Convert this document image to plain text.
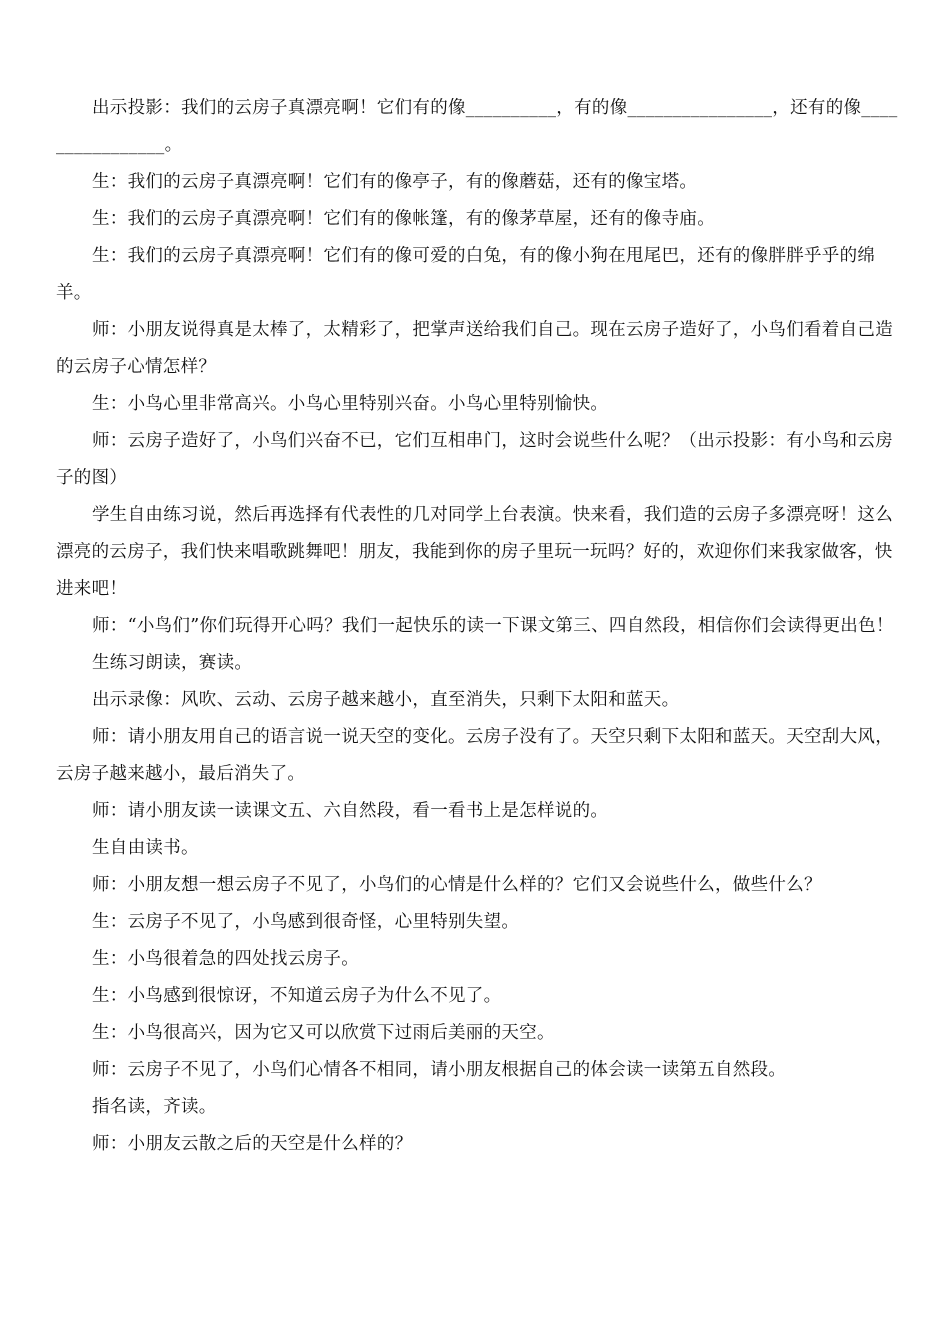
出示投影：我们的云房子真漂亮啊！它们有的像__________，有的像________________，还有的像________________。

生：我们的云房子真漂亮啊！它们有的像亭子，有的像蘑菇，还有的像宝塔。

生：我们的云房子真漂亮啊！它们有的像帐篷，有的像茅草屋，还有的像寺庙。

生：我们的云房子真漂亮啊！它们有的像可爱的白兔，有的像小狗在甩尾巴，还有的像胖胖乎乎的绵羊。

师：小朋友说得真是太棒了，太精彩了，把掌声送给我们自己。现在云房子造好了，小鸟们看着自己造的云房子心情怎样？

生：小鸟心里非常高兴。小鸟心里特别兴奋。小鸟心里特别愉快。

师：云房子造好了，小鸟们兴奋不已，它们互相串门，这时会说些什么呢？（出示投影：有小鸟和云房子的图）

学生自由练习说，然后再选择有代表性的几对同学上台表演。快来看，我们造的云房子多漂亮呀！这么漂亮的云房子，我们快来唱歌跳舞吧！朋友，我能到你的房子里玩一玩吗？好的，欢迎你们来我家做客，快进来吧！

师：“小鸟们”你们玩得开心吗？我们一起快乐的读一下课文第三、四自然段，相信你们会读得更出色！

生练习朗读，赛读。

出示录像：风吹、云动、云房子越来越小，直至消失，只剩下太阳和蓝天。

师：请小朋友用自己的语言说一说天空的变化。云房子没有了。天空只剩下太阳和蓝天。天空刮大风，云房子越来越小，最后消失了。

师：请小朋友读一读课文五、六自然段，看一看书上是怎样说的。

生自由读书。

师：小朋友想一想云房子不见了，小鸟们的心情是什么样的？它们又会说些什么，做些什么？

生：云房子不见了，小鸟感到很奇怪，心里特别失望。

生：小鸟很着急的四处找云房子。

生：小鸟感到很惊讶，不知道云房子为什么不见了。

生：小鸟很高兴，因为它又可以欣赏下过雨后美丽的天空。

师：云房子不见了，小鸟们心情各不相同，请小朋友根据自己的体会读一读第五自然段。

指名读，齐读。

师：小朋友云散之后的天空是什么样的？
